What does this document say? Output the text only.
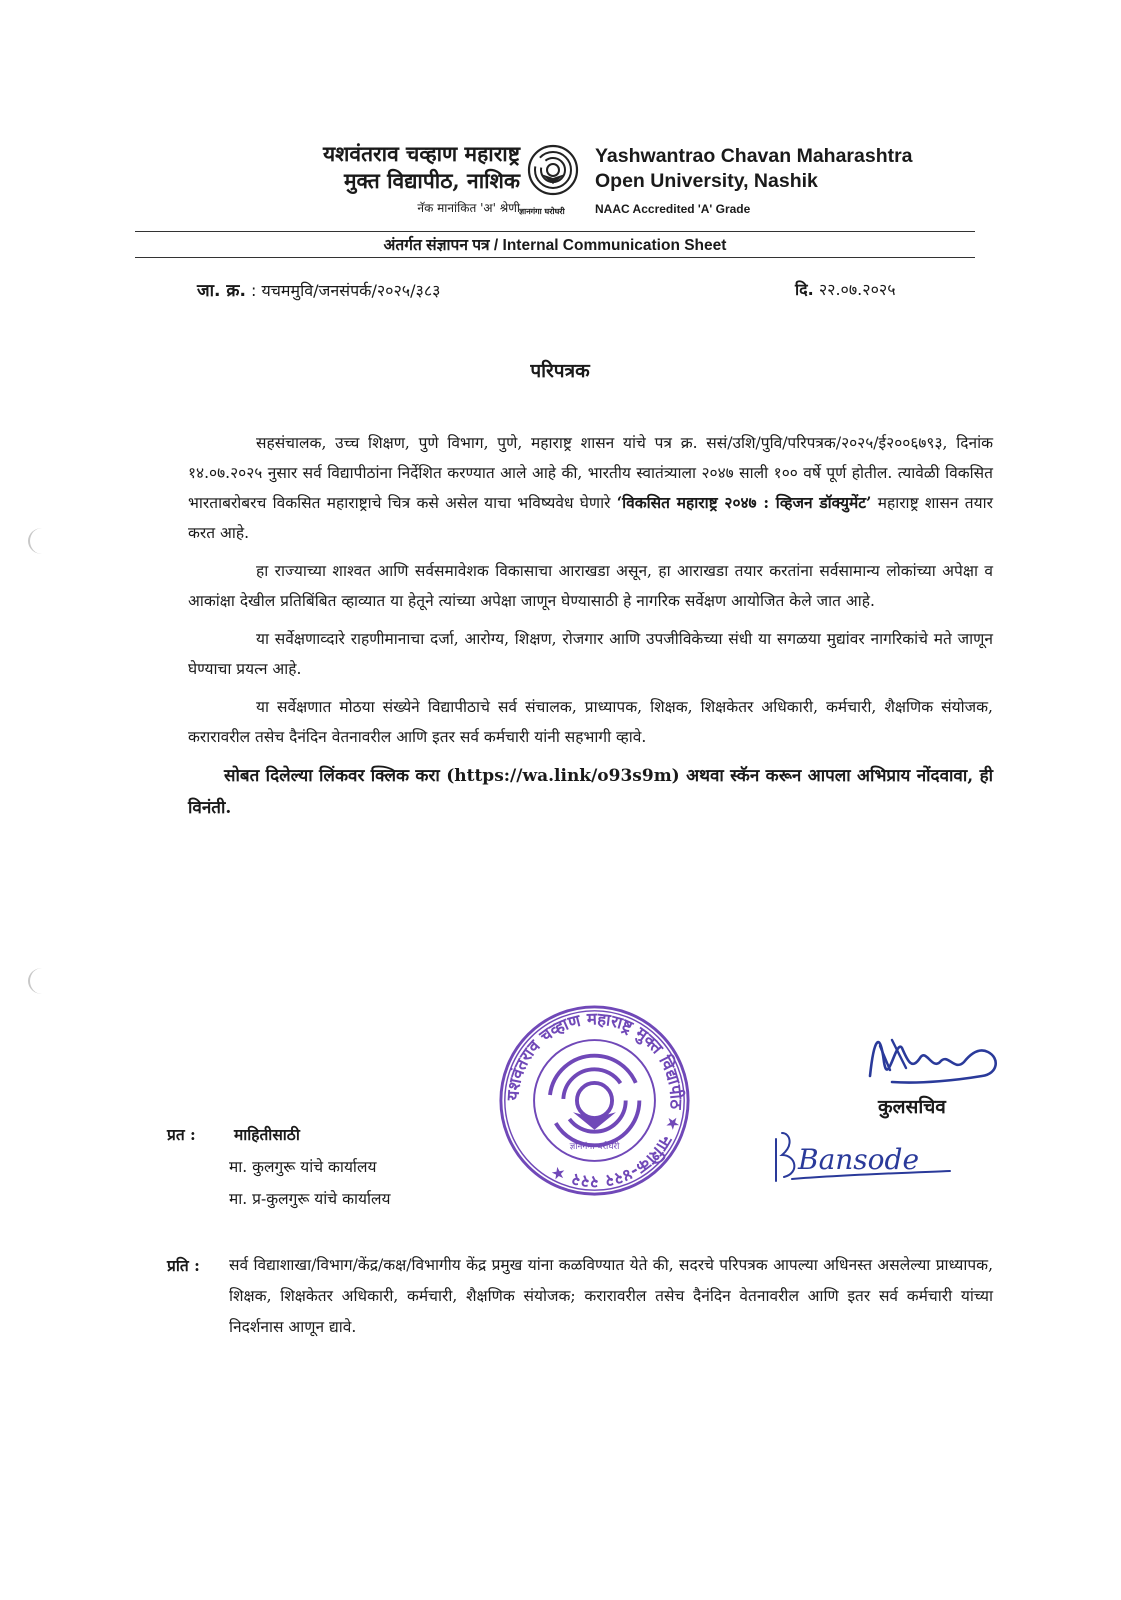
यशवंतराव चव्हाण महाराष्ट्र
मुक्त विद्यापीठ, नाशिक
नॅक मानांकित 'अ' श्रेणी ज्ञानगंगा घरोघरी
Yashwantrao Chavan Maharashtra
Open University, Nashik
NAAC Accredited 'A' Grade
अंतर्गत संज्ञापन पत्र / Internal Communication Sheet
जा. क्र. : यचममुवि/जनसंपर्क/२०२५/३८३	दि. २२.०७.२०२५
परिपत्रक

सहसंचालक, उच्च शिक्षण, पुणे विभाग, पुणे, महाराष्ट्र शासन यांचे पत्र क्र. ससं/उशि/पुवि/परिपत्रक/२०२५/ई२००६७९३, दिनांक १४.०७.२०२५ नुसार सर्व विद्यापीठांना निर्देशित करण्यात आले आहे की, भारतीय स्वातंत्र्याला २०४७ साली १०० वर्षे पूर्ण होतील. त्यावेळी विकसित भारताबरोबरच विकसित महाराष्ट्राचे चित्र कसे असेल याचा भविष्यवेध घेणारे ‘विकसित महाराष्ट्र २०४७ : व्हिजन डॉक्युमेंट’ महाराष्ट्र शासन तयार करत आहे.

हा राज्याच्या शाश्वत आणि सर्वसमावेशक विकासाचा आराखडा असून, हा आराखडा तयार करतांना सर्वसामान्य लोकांच्या अपेक्षा व आकांक्षा देखील प्रतिबिंबित व्हाव्यात या हेतूने त्यांच्या अपेक्षा जाणून घेण्यासाठी हे नागरिक सर्वेक्षण आयोजित केले जात आहे.

या सर्वेक्षणाव्दारे राहणीमानाचा दर्जा, आरोग्य, शिक्षण, रोजगार आणि उपजीविकेच्या संधी या सगळया मुद्यांवर नागरिकांचे मते जाणून घेण्याचा प्रयत्न आहे.

या सर्वेक्षणात मोठया संख्येने विद्यापीठाचे सर्व संचालक, प्राध्यापक, शिक्षक, शिक्षकेतर अधिकारी, कर्मचारी, शैक्षणिक संयोजक, करारावरील तसेच दैनंदिन वेतनावरील आणि इतर सर्व कर्मचारी यांनी सहभागी व्हावे.

सोबत दिलेल्या लिंकवर क्लिक करा (https://wa.link/o93s9m) अथवा स्कॅन करून आपला अभिप्राय नोंदवावा, ही विनंती.

यशवंतराव चव्हाण महाराष्ट्र मुक्त विद्यापीठ ★ नाशिक-४२२ २२२ ★
ज्ञानगंगा घरोघरी
कुलसचिव
Bansode
प्रत : माहितीसाठी
मा. कुलगुरू यांचे कार्यालय
मा. प्र-कुलगुरू यांचे कार्यालय
प्रति : सर्व विद्याशाखा/विभाग/केंद्र/कक्ष/विभागीय केंद्र प्रमुख यांना कळविण्यात येते की, सदरचे परिपत्रक आपल्या अधिनस्त असलेल्या प्राध्यापक, शिक्षक, शिक्षकेतर अधिकारी, कर्मचारी, शैक्षणिक संयोजक; करारावरील तसेच दैनंदिन वेतनावरील आणि इतर सर्व कर्मचारी यांच्या निदर्शनास आणून द्यावे.
